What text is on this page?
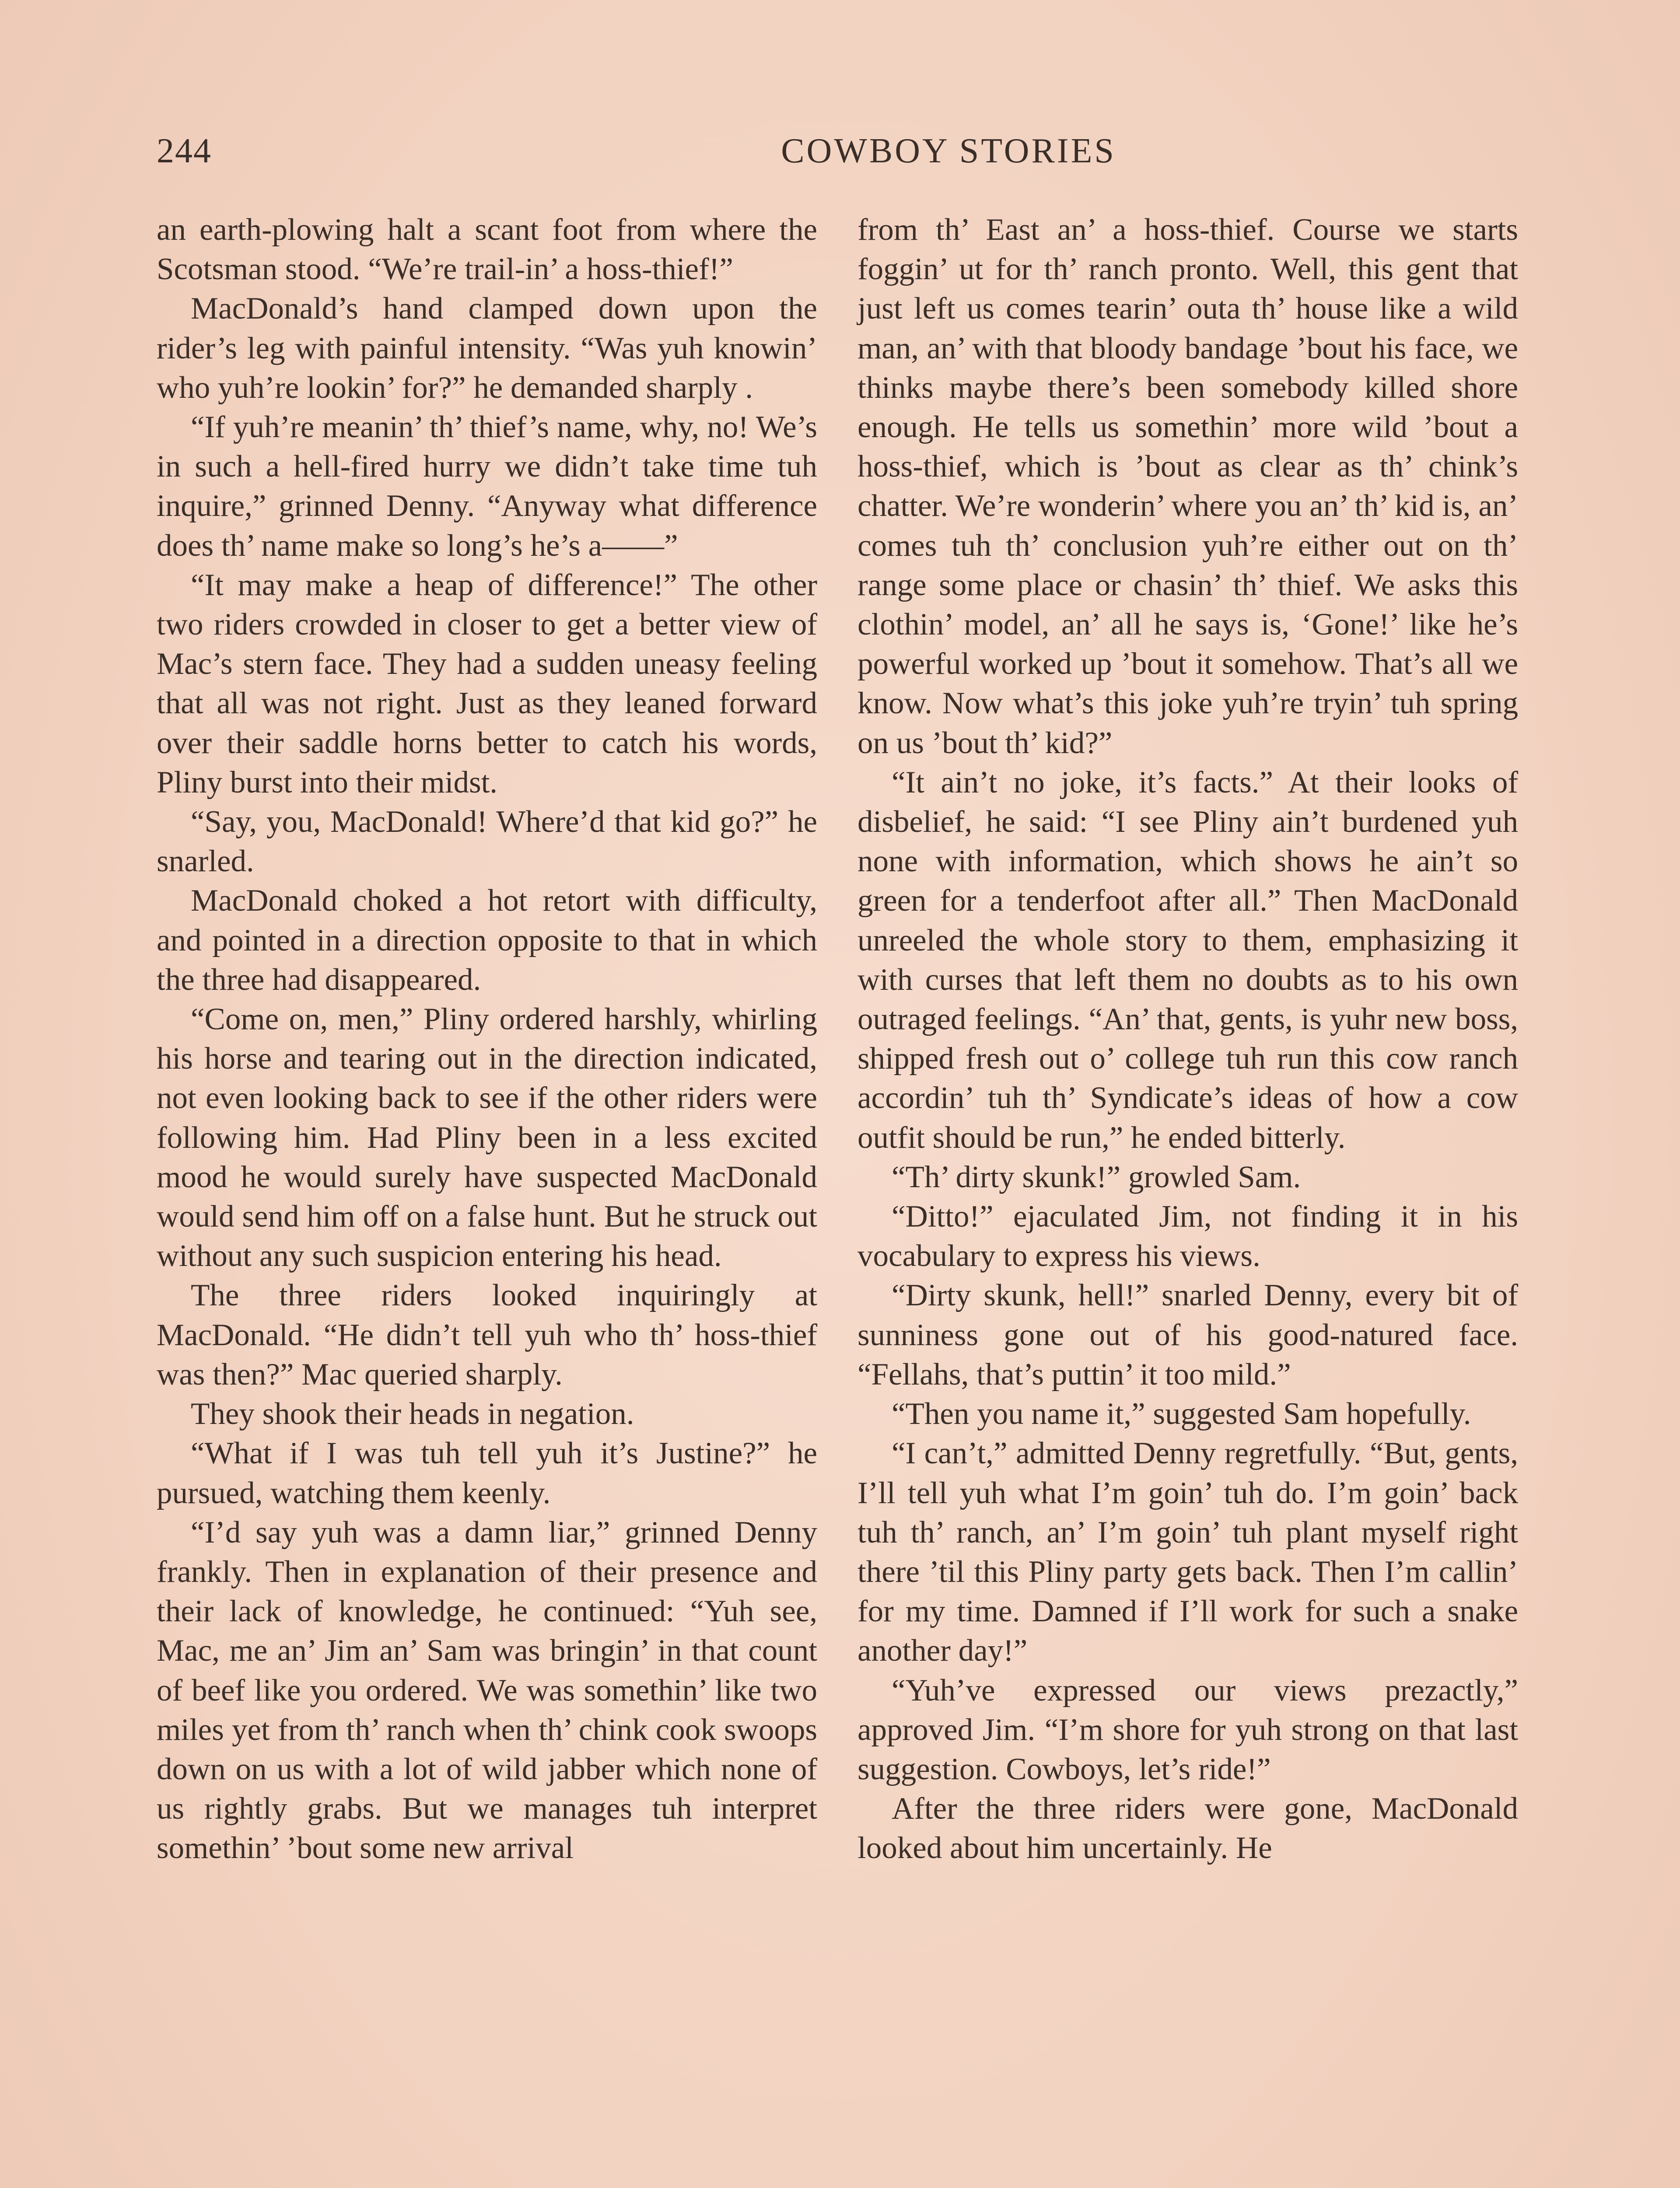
244	COWBOY STORIES

an earth-plowing halt a scant foot from where the Scotsman stood. “We’re trail-in’ a hoss-thief!”

MacDonald’s hand clamped down upon the rider’s leg with painful intensity. “Was yuh knowin’ who yuh’re lookin’ for?” he demanded sharply .

“If yuh’re meanin’ th’ thief’s name, why, no! We’s in such a hell-fired hurry we didn’t take time tuh inquire,” grinned Denny. “Anyway what difference does th’ name make so long’s he’s a——”

“It may make a heap of difference!” The other two riders crowded in closer to get a better view of Mac’s stern face. They had a sudden uneasy feeling that all was not right. Just as they leaned forward over their saddle horns better to catch his words, Pliny burst into their midst.

“Say, you, MacDonald! Where’d that kid go?” he snarled.

MacDonald choked a hot retort with difficulty, and pointed in a direction opposite to that in which the three had disappeared.

“Come on, men,” Pliny ordered harshly, whirling his horse and tearing out in the direction indicated, not even looking back to see if the other riders were following him. Had Pliny been in a less excited mood he would surely have suspected MacDonald would send him off on a false hunt. But he struck out without any such suspicion entering his head.

The three riders looked inquiringly at MacDonald. “He didn’t tell yuh who th’ hoss-thief was then?” Mac queried sharply.

They shook their heads in negation.

“What if I was tuh tell yuh it’s Justine?” he pursued, watching them keenly.

“I’d say yuh was a damn liar,” grinned Denny frankly. Then in explanation of their presence and their lack of knowledge, he continued: “Yuh see, Mac, me an’ Jim an’ Sam was bringin’ in that count of beef like you ordered. We was somethin’ like two miles yet from th’ ranch when th’ chink cook swoops down on us with a lot of wild jabber which none of us rightly grabs. But we manages tuh interpret somethin’ ’bout some new arrival

from th’ East an’ a hoss-thief. Course we starts foggin’ ut for th’ ranch pronto. Well, this gent that just left us comes tearin’ outa th’ house like a wild man, an’ with that bloody bandage ’bout his face, we thinks maybe there’s been somebody killed shore enough. He tells us somethin’ more wild ’bout a hoss-thief, which is ’bout as clear as th’ chink’s chatter. We’re wonderin’ where you an’ th’ kid is, an’ comes tuh th’ conclusion yuh’re either out on th’ range some place or chasin’ th’ thief. We asks this clothin’ model, an’ all he says is, ‘Gone!’ like he’s powerful worked up ’bout it somehow. That’s all we know. Now what’s this joke yuh’re tryin’ tuh spring on us ’bout th’ kid?”

“It ain’t no joke, it’s facts.” At their looks of disbelief, he said: “I see Pliny ain’t burdened yuh none with information, which shows he ain’t so green for a tenderfoot after all.” Then MacDonald unreeled the whole story to them, emphasizing it with curses that left them no doubts as to his own outraged feelings. “An’ that, gents, is yuhr new boss, shipped fresh out o’ college tuh run this cow ranch accordin’ tuh th’ Syndicate’s ideas of how a cow outfit should be run,” he ended bitterly.

“Th’ dirty skunk!” growled Sam.

“Ditto!” ejaculated Jim, not finding it in his vocabulary to express his views.

“Dirty skunk, hell!” snarled Denny, every bit of sunniness gone out of his good-natured face. “Fellahs, that’s puttin’ it too mild.”

“Then you name it,” suggested Sam hopefully.

“I can’t,” admitted Denny regretfully. “But, gents, I’ll tell yuh what I’m goin’ tuh do. I’m goin’ back tuh th’ ranch, an’ I’m goin’ tuh plant myself right there ’til this Pliny party gets back. Then I’m callin’ for my time. Damned if I’ll work for such a snake another day!”

“Yuh’ve expressed our views prezactly,” approved Jim. “I’m shore for yuh strong on that last suggestion. Cowboys, let’s ride!”

After the three riders were gone, MacDonald looked about him uncertainly. He
